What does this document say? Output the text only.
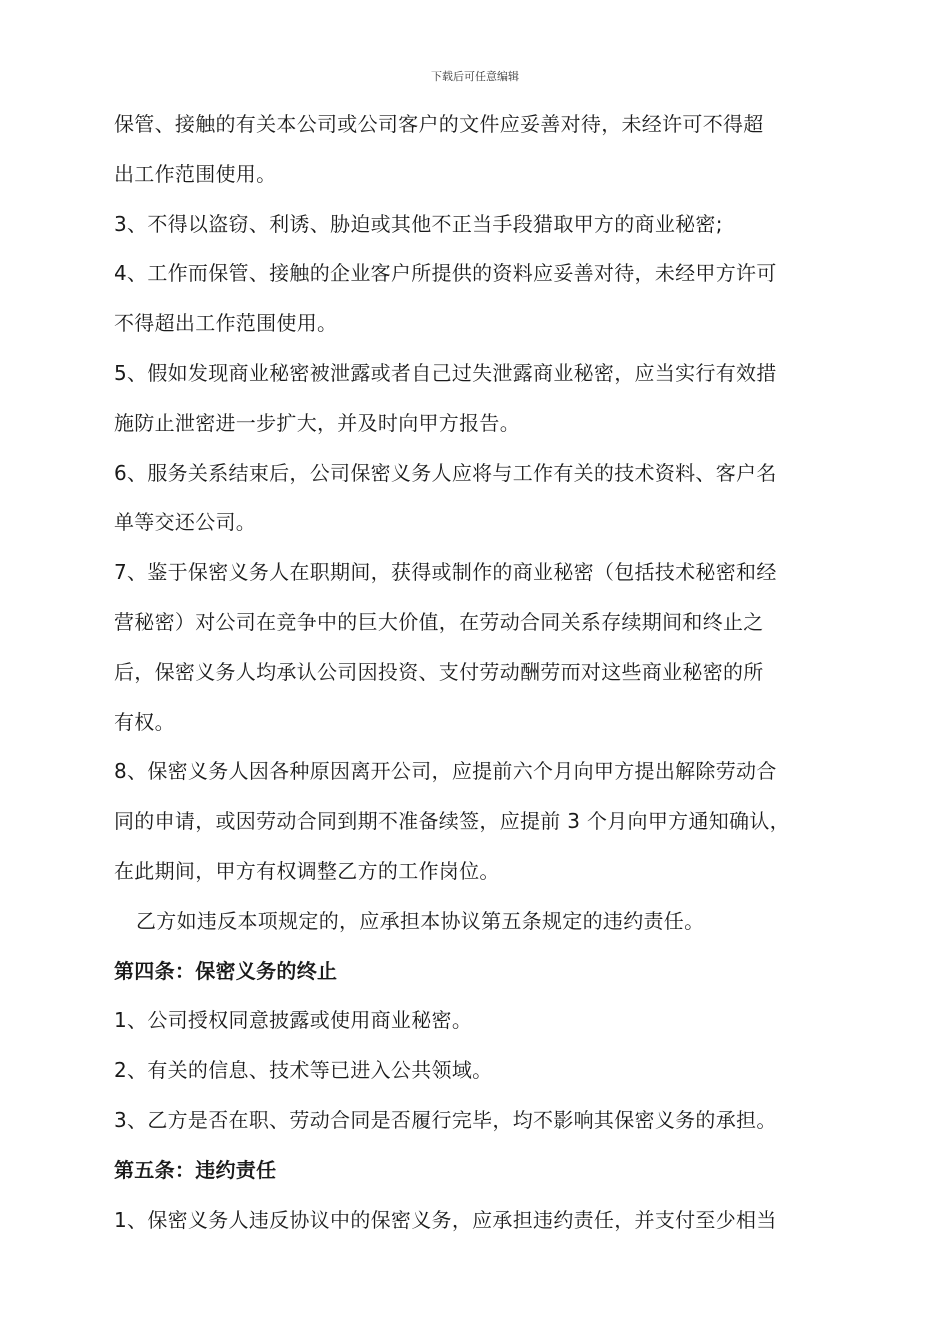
下载后可任意编辑
保管、接触的有关本公司或公司客户的文件应妥善对待，未经许可不得超
出工作范围使用。
3、不得以盗窃、利诱、胁迫或其他不正当手段猎取甲方的商业秘密;
4、工作而保管、接触的企业客户所提供的资料应妥善对待，未经甲方许可
不得超出工作范围使用。
5、假如发现商业秘密被泄露或者自己过失泄露商业秘密，应当实行有效措
施防止泄密进一步扩大，并及时向甲方报告。
6、服务关系结束后，公司保密义务人应将与工作有关的技术资料、客户名
单等交还公司。
7、鉴于保密义务人在职期间，获得或制作的商业秘密（包括技术秘密和经
营秘密）对公司在竞争中的巨大价值，在劳动合同关系存续期间和终止之
后，保密义务人均承认公司因投资、支付劳动酬劳而对这些商业秘密的所
有权。
8、保密义务人因各种原因离开公司，应提前六个月向甲方提出解除劳动合
同的申请，或因劳动合同到期不准备续签，应提前 3 个月向甲方通知确认，
在此期间，甲方有权调整乙方的工作岗位。
乙方如违反本项规定的，应承担本协议第五条规定的违约责任。
第四条：保密义务的终止
1、公司授权同意披露或使用商业秘密。
2、有关的信息、技术等已进入公共领域。
3、乙方是否在职、劳动合同是否履行完毕，均不影响其保密义务的承担。
第五条：违约责任
1、保密义务人违反协议中的保密义务，应承担违约责任，并支付至少相当
